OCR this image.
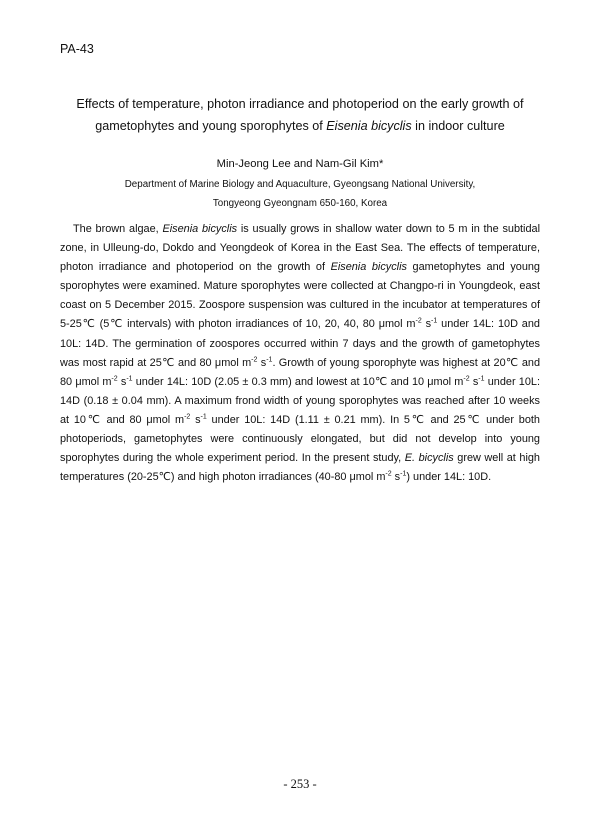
PA-43
Effects of temperature, photon irradiance and photoperiod on the early growth of gametophytes and young sporophytes of Eisenia bicyclis in indoor culture
Min-Jeong Lee and Nam-Gil Kim*
Department of Marine Biology and Aquaculture, Gyeongsang National University,
Tongyeong Gyeongnam 650-160, Korea

The brown algae, Eisenia bicyclis is usually grows in shallow water down to 5 m in the subtidal zone, in Ulleung-do, Dokdo and Yeongdeok of Korea in the East Sea. The effects of temperature, photon irradiance and photoperiod on the growth of Eisenia bicyclis gametophytes and young sporophytes were examined. Mature sporophytes were collected at Changpo-ri in Youngdeok, east coast on 5 December 2015. Zoospore suspension was cultured in the incubator at temperatures of 5-25℃ (5℃ intervals) with photon irradiances of 10, 20, 40, 80 μmol $m^{-2}$ $s^{-1}$ under 14L: 10D and 10L: 14D. The germination of zoospores occurred within 7 days and the growth of gametophytes was most rapid at 25℃ and 80 μmol $m^{-2}$ $s^{-1}$. Growth of young sporophyte was highest at 20℃ and 80 μmol $m^{-2}$ $s^{-1}$ under 14L: 10D (2.05 ± 0.3 mm) and lowest at 10℃ and 10 μmol $m^{-2}$ $s^{-1}$ under 10L: 14D (0.18 ± 0.04 mm). A maximum frond width of young sporophytes was reached after 10 weeks at 10℃ and 80 μmol $m^{-2}$ $s^{-1}$ under 10L: 14D (1.11 ± 0.21 mm). In 5℃ and 25℃ under both photoperiods, gametophytes were continuously elongated, but did not develop into young sporophytes during the whole experiment period. In the present study, E. bicyclis grew well at high temperatures (20-25℃) and high photon irradiances (40-80 μmol $m^{-2}$ $s^{-1}$) under 14L: 10D.

- 253 -
